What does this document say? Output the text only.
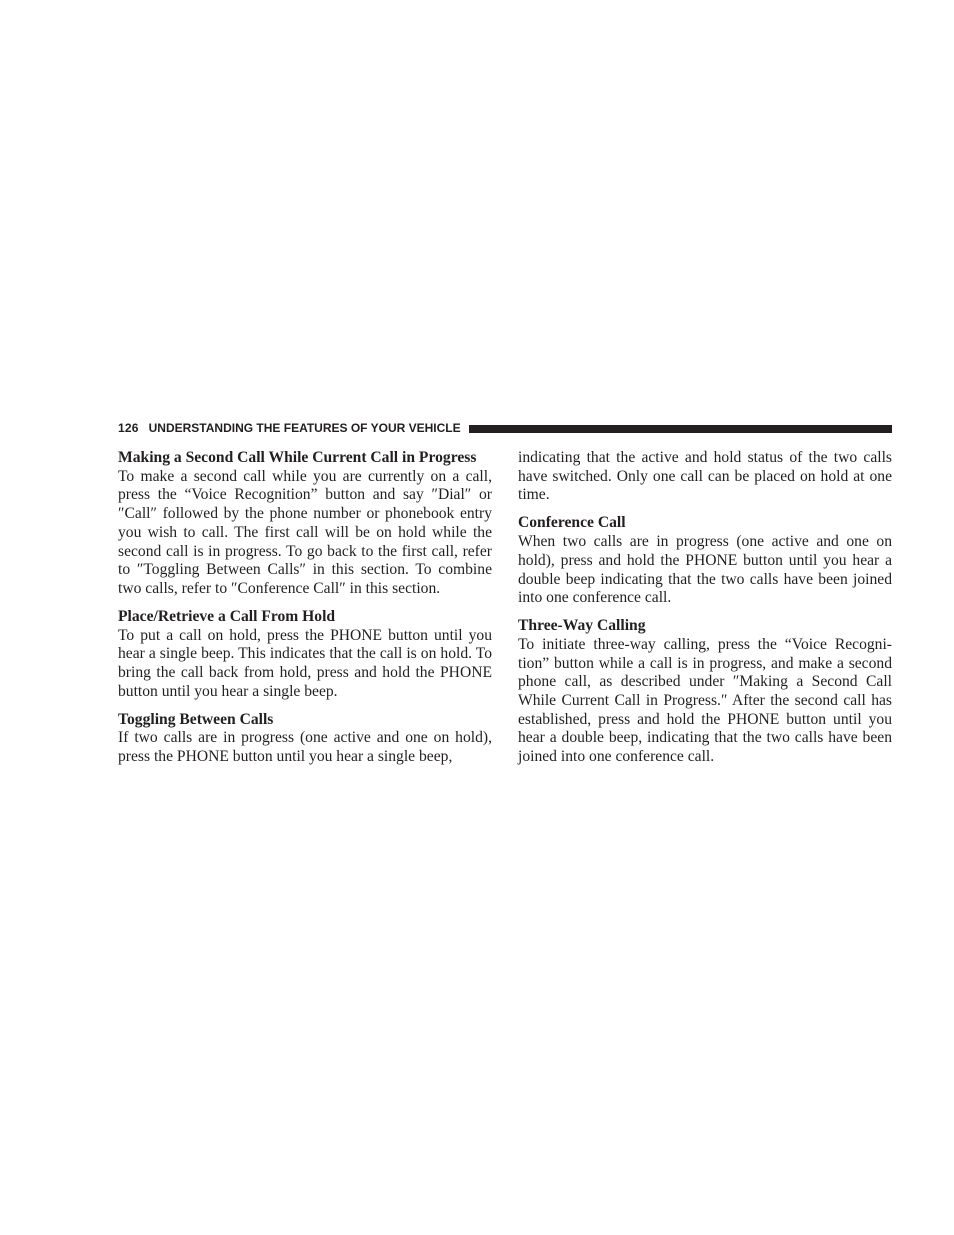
126 UNDERSTANDING THE FEATURES OF YOUR VEHICLE

Making a Second Call While Current Call in Progress

To make a second call while you are currently on a call, press the “Voice Recognition” button and say ″Dial″ or ″Call″ followed by the phone number or phonebook entry you wish to call. The first call will be on hold while the second call is in progress. To go back to the first call, refer to ″Toggling Between Calls″ in this section. To combine two calls, refer to ″Conference Call″ in this section.

Place/Retrieve a Call From Hold

To put a call on hold, press the PHONE button until you hear a single beep. This indicates that the call is on hold. To bring the call back from hold, press and hold the PHONE button until you hear a single beep.

Toggling Between Calls

If two calls are in progress (one active and one on hold), press the PHONE button until you hear a single beep,

indicating that the active and hold status of the two calls have switched. Only one call can be placed on hold at one time.

Conference Call

When two calls are in progress (one active and one on hold), press and hold the PHONE button until you hear a double beep indicating that the two calls have been joined into one conference call.

Three-Way Calling

To initiate three-way calling, press the “Voice Recogni-tion” button while a call is in progress, and make a second phone call, as described under ″Making a Second Call While Current Call in Progress.″ After the second call has established, press and hold the PHONE button until you hear a double beep, indicating that the two calls have been joined into one conference call.
